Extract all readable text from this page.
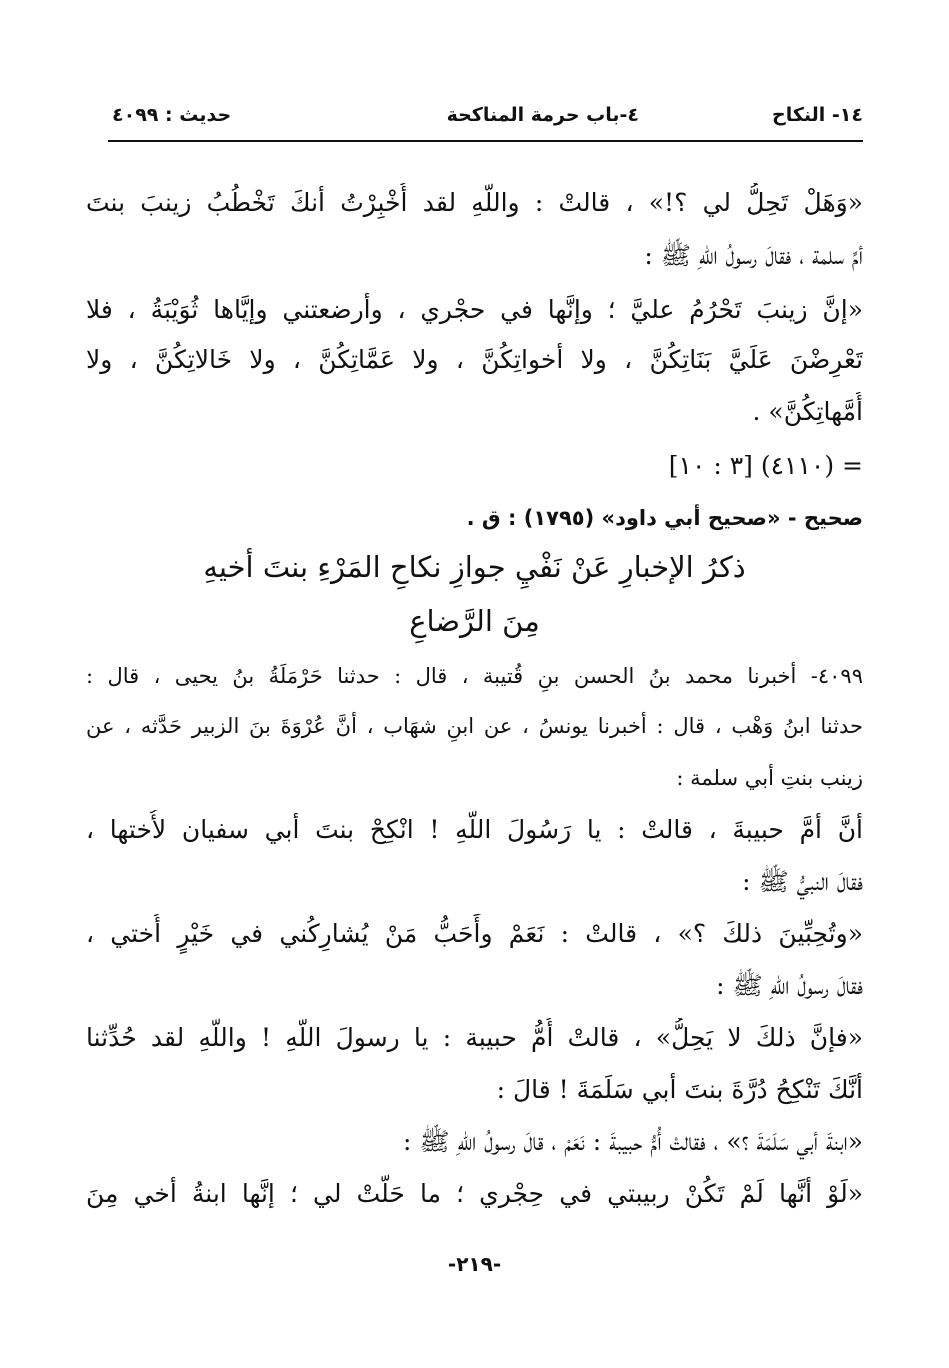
١٤- النكاح
٤-باب حرمة المناكحة
حديث : ٤٠٩٩
«وَهَلْ تَحِلُّ لي ؟!» ، قالتْ : واللّهِ لقد أُخْبِرْتُ أنكَ تَخْطُبُ زينبَ بنتَ
أمِّ سلمة ، فقالَ رسولُ اللّهِ ﷺ :
«إنَّ زينبَ تَحْرُمُ عليَّ ؛ وإنَّها في حجْري ، وأرضعتني وإيَّاها ثُوَيْبَةُ ، فلا
تَعْرِضْنَ عَلَيَّ بَنَاتِكُنَّ ، ولا أخواتِكُنَّ ، ولا عَمَّاتِكُنَّ ، ولا خَالاتِكُنَّ ، ولا
أُمَّهاتِكُنَّ» .
= (٤١١٠) [٣ : ١٠]
صحيح - «صحيح أبي داود» (١٧٩٥) : ق .
ذكرُ الإخبارِ عَنْ نَفْيِ جوازِ نكاحِ المَرْءِ بنتَ أخيهِ
مِنَ الرَّضاعِ
٤٠٩٩- أخبرنا محمد بنُ الحسن بنِ قُتيبة ، قال : حدثنا حَرْمَلَةُ بنُ يحيى ، قال :
حدثنا ابنُ وَهْب ، قال : أخبرنا يونسُ ، عن ابنِ شهَاب ، أنَّ عُرْوَةَ بنَ الزبير حَدَّثه ، عن
زينب بنتِ أبي سلمة :
أنَّ أمَّ حبيبةَ ، قالتْ : يا رَسُولَ اللّهِ ! انْكِحْ بنتَ أبي سفيان لأُختها ،
فقالَ النبيُّ ﷺ :
«وتُحِبِّينَ ذلكَ ؟» ، قالتْ : نَعَمْ وأَحَبُّ مَنْ يُشارِكُني في خَيْرٍ أُختي ،
فقالَ رسولُ اللّهِ ﷺ :
«فإنَّ ذلكَ لا يَحِلُّ» ، قالتْ أُمُّ حبيبة : يا رسولَ اللّهِ ! واللّهِ لقد حُدِّثنا
أنَّكَ تَنْكِحُ دُرَّةَ بنتَ أبي سَلَمَةَ ! قالَ :
«ابنةَ أبي سَلَمَةَ ؟» ، فقالتْ أُمُّ حبيبةَ : نَعَمْ ، قالَ رسولُ اللّهِ ﷺ :
«لَوْ أنَّها لَمْ تَكُنْ ربيبتي في حِجْري ؛ ما حَلَّتْ لي ؛ إنَّها ابنةُ أخي مِنَ
-٢١٩-
